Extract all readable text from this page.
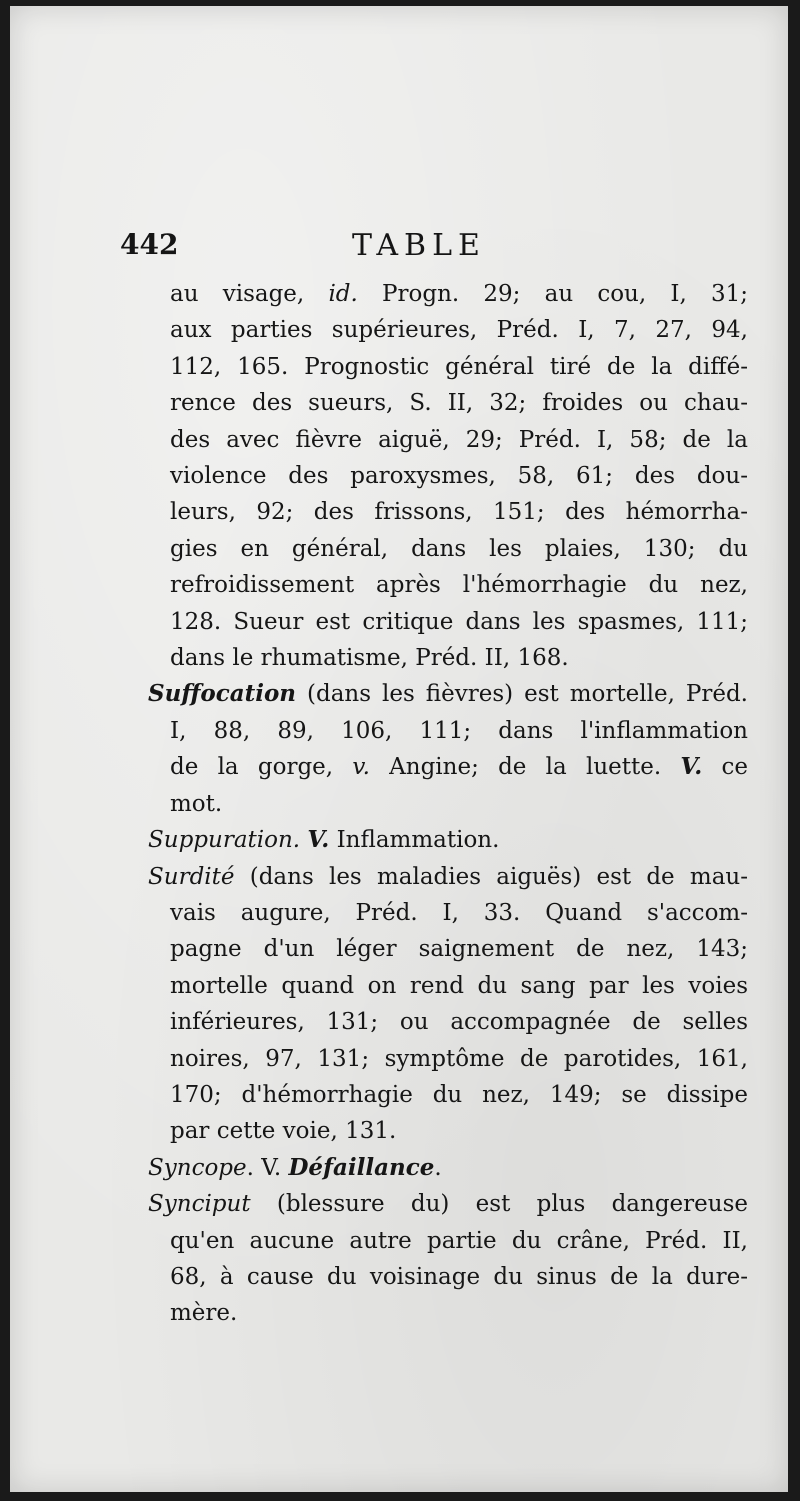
442	TABLE
au visage, id. Progn. 29; au cou, I, 31;
aux parties supérieures, Préd. I, 7, 27, 94,
112, 165. Prognostic général tiré de la diffé-
rence des sueurs, S. II, 32; froides ou chau-
des avec fièvre aiguë, 29; Préd. I, 58; de la
violence des paroxysmes, 58, 61; des dou-
leurs, 92; des frissons, 151; des hémorrha-
gies en général, dans les plaies, 130; du
refroidissement après l'hémorrhagie du nez,
128. Sueur est critique dans les spasmes, 111;
dans le rhumatisme, Préd. II, 168.
Suffocation (dans les fièvres) est mortelle, Préd.
I, 88, 89, 106, 111; dans l'inflammation
de la gorge, v. Angine; de la luette. V. ce
mot.
Suppuration. V. Inflammation.
Surdité (dans les maladies aiguës) est de mau-
vais augure, Préd. I, 33. Quand s'accom-
pagne d'un léger saignement de nez, 143;
mortelle quand on rend du sang par les voies
inférieures, 131; ou accompagnée de selles
noires, 97, 131; symptôme de parotides, 161,
170; d'hémorrhagie du nez, 149; se dissipe
par cette voie, 131.
Syncope. V. Défaillance.
Synciput (blessure du) est plus dangereuse
qu'en aucune autre partie du crâne, Préd. II,
68, à cause du voisinage du sinus de la dure-
mère.
